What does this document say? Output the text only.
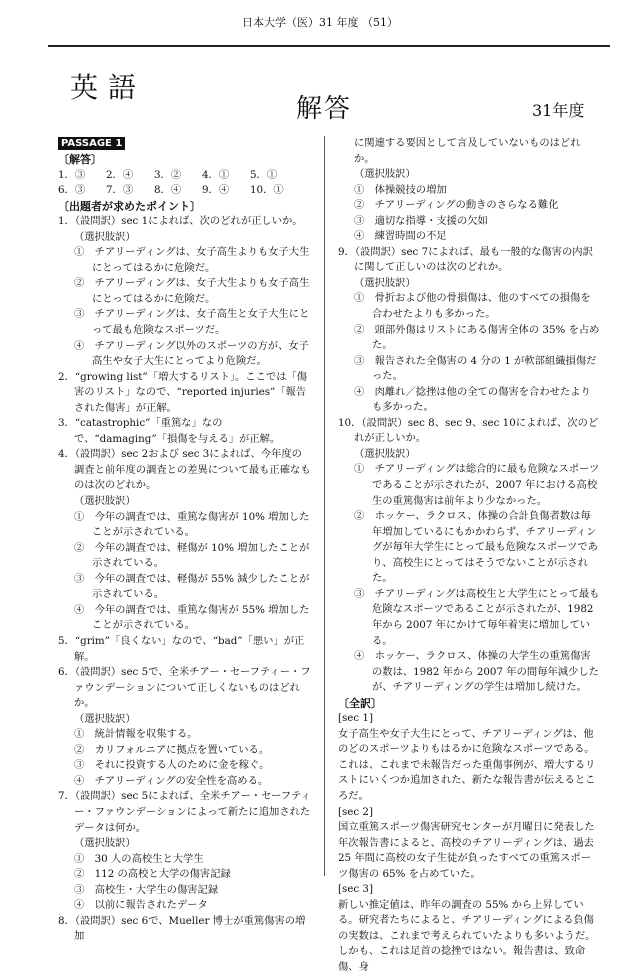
日本大学（医）31 年度 （51）
英語
解答	31年度
PASSAGE 1
〔解答〕
1．③	2．④	3．②	4．①	5．①
6．③	7．③	8．④	9．④	10．①
〔出題者が求めたポイント〕

1．（設問訳）sec 1によれば、次のどれが正しいか。

（選択肢訳）

①　チアリーディングは、女子高生よりも女子大生にとってはるかに危険だ。

②　チアリーディングは、女子大生よりも女子高生にとってはるかに危険だ。

③　チアリーディングは、女子高生と女子大生にとって最も危険なスポーツだ。

④　チアリーディング以外のスポーツの方が、女子高生や女子大生にとってより危険だ。

2．“growing list”「増大するリスト」。ここでは「傷害のリスト」なので、“reported injuries”「報告された傷害」が正解。

3．“catastrophic”「重篤な」なので、“damaging”「損傷を与える」が正解。

4．（設問訳）sec 2および sec 3によれば、今年度の調査と前年度の調査との差異について最も正確なものは次のどれか。

（選択肢訳）

①　今年の調査では、重篤な傷害が 10% 増加したことが示されている。

②　今年の調査では、軽傷が 10% 増加したことが示されている。

③　今年の調査では、軽傷が 55% 減少したことが示されている。

④　今年の調査では、重篤な傷害が 55% 増加したことが示されている。

5．“grim”「良くない」なので、“bad”「悪い」が正解。

6．（設問訳）sec 5で、全米チアー・セーフティー・ファウンデーションについて正しくないものはどれか。

（選択肢訳）

①　統計情報を収集する。

②　カリフォルニアに拠点を置いている。

③　それに投資する人のために金を稼ぐ。

④　チアリーディングの安全性を高める。

7．（設問訳）sec 5によれば、全米チアー・セーフティー・ファウンデーションによって新たに追加されたデータは何か。

（選択肢訳）

①　30 人の高校生と大学生

②　112 の高校と大学の傷害記録

③　高校生・大学生の傷害記録

④　以前に報告されたデータ

8．（設問訳）sec 6で、Mueller 博士が重篤傷害の増加

に関連する要因として言及していないものはどれか。

（選択肢訳）

①　体操競技の増加

②　チアリーディングの動きのさらなる難化

③　適切な指導・支援の欠如

④　練習時間の不足

9．（設問訳）sec 7によれば、最も一般的な傷害の内訳に関して正しいのは次のどれか。

（選択肢訳）

①　骨折および他の骨損傷は、他のすべての損傷を合わせたよりも多かった。

②　頭部外傷はリストにある傷害全体の 35% を占めた。

③　報告された全傷害の 4 分の 1 が軟部組織損傷だった。

④　肉離れ／捻挫は他の全ての傷害を合わせたよりも多かった。

10．（設問訳）sec 8、sec 9、sec 10によれば、次のどれが正しいか。

（選択肢訳）

①　チアリーディングは総合的に最も危険なスポーツであることが示されたが、2007 年における高校生の重篤傷害は前年より少なかった。

②　ホッケー、ラクロス、体操の合計負傷者数は毎年増加しているにもかかわらず、チアリーディングが毎年大学生にとって最も危険なスポーツであり、高校生にとってはそうでないことが示された。

③　チアリーディングは高校生と大学生にとって最も危険なスポーツであることが示されたが、1982 年から 2007 年にかけて毎年着実に増加している。

④　ホッケー、ラクロス、体操の大学生の重篤傷害の数は、1982 年から 2007 年の間毎年減少したが、チアリーディングの学生は増加し続けた。

〔全訳〕

[sec 1]

女子高生や女子大生にとって、チアリーディングは、他のどのスポーツよりもはるかに危険なスポーツである。これは、これまで未報告だった重傷事例が、増大するリストにいくつか追加された、新たな報告書が伝えるところだ。

[sec 2]

国立重篤スポーツ傷害研究センターが月曜日に発表した年次報告書によると、高校のチアリーディングは、過去 25 年間に高校の女子生徒が負ったすべての重篤スポーツ傷害の 65% を占めていた。

[sec 3]

新しい推定値は、昨年の調査の 55% から上昇している。研究者たちによると、チアリーディングによる負傷の実数は、これまで考えられていたよりも多いようだ。しかも、これは足首の捻挫ではない。報告書は、致命傷、身
